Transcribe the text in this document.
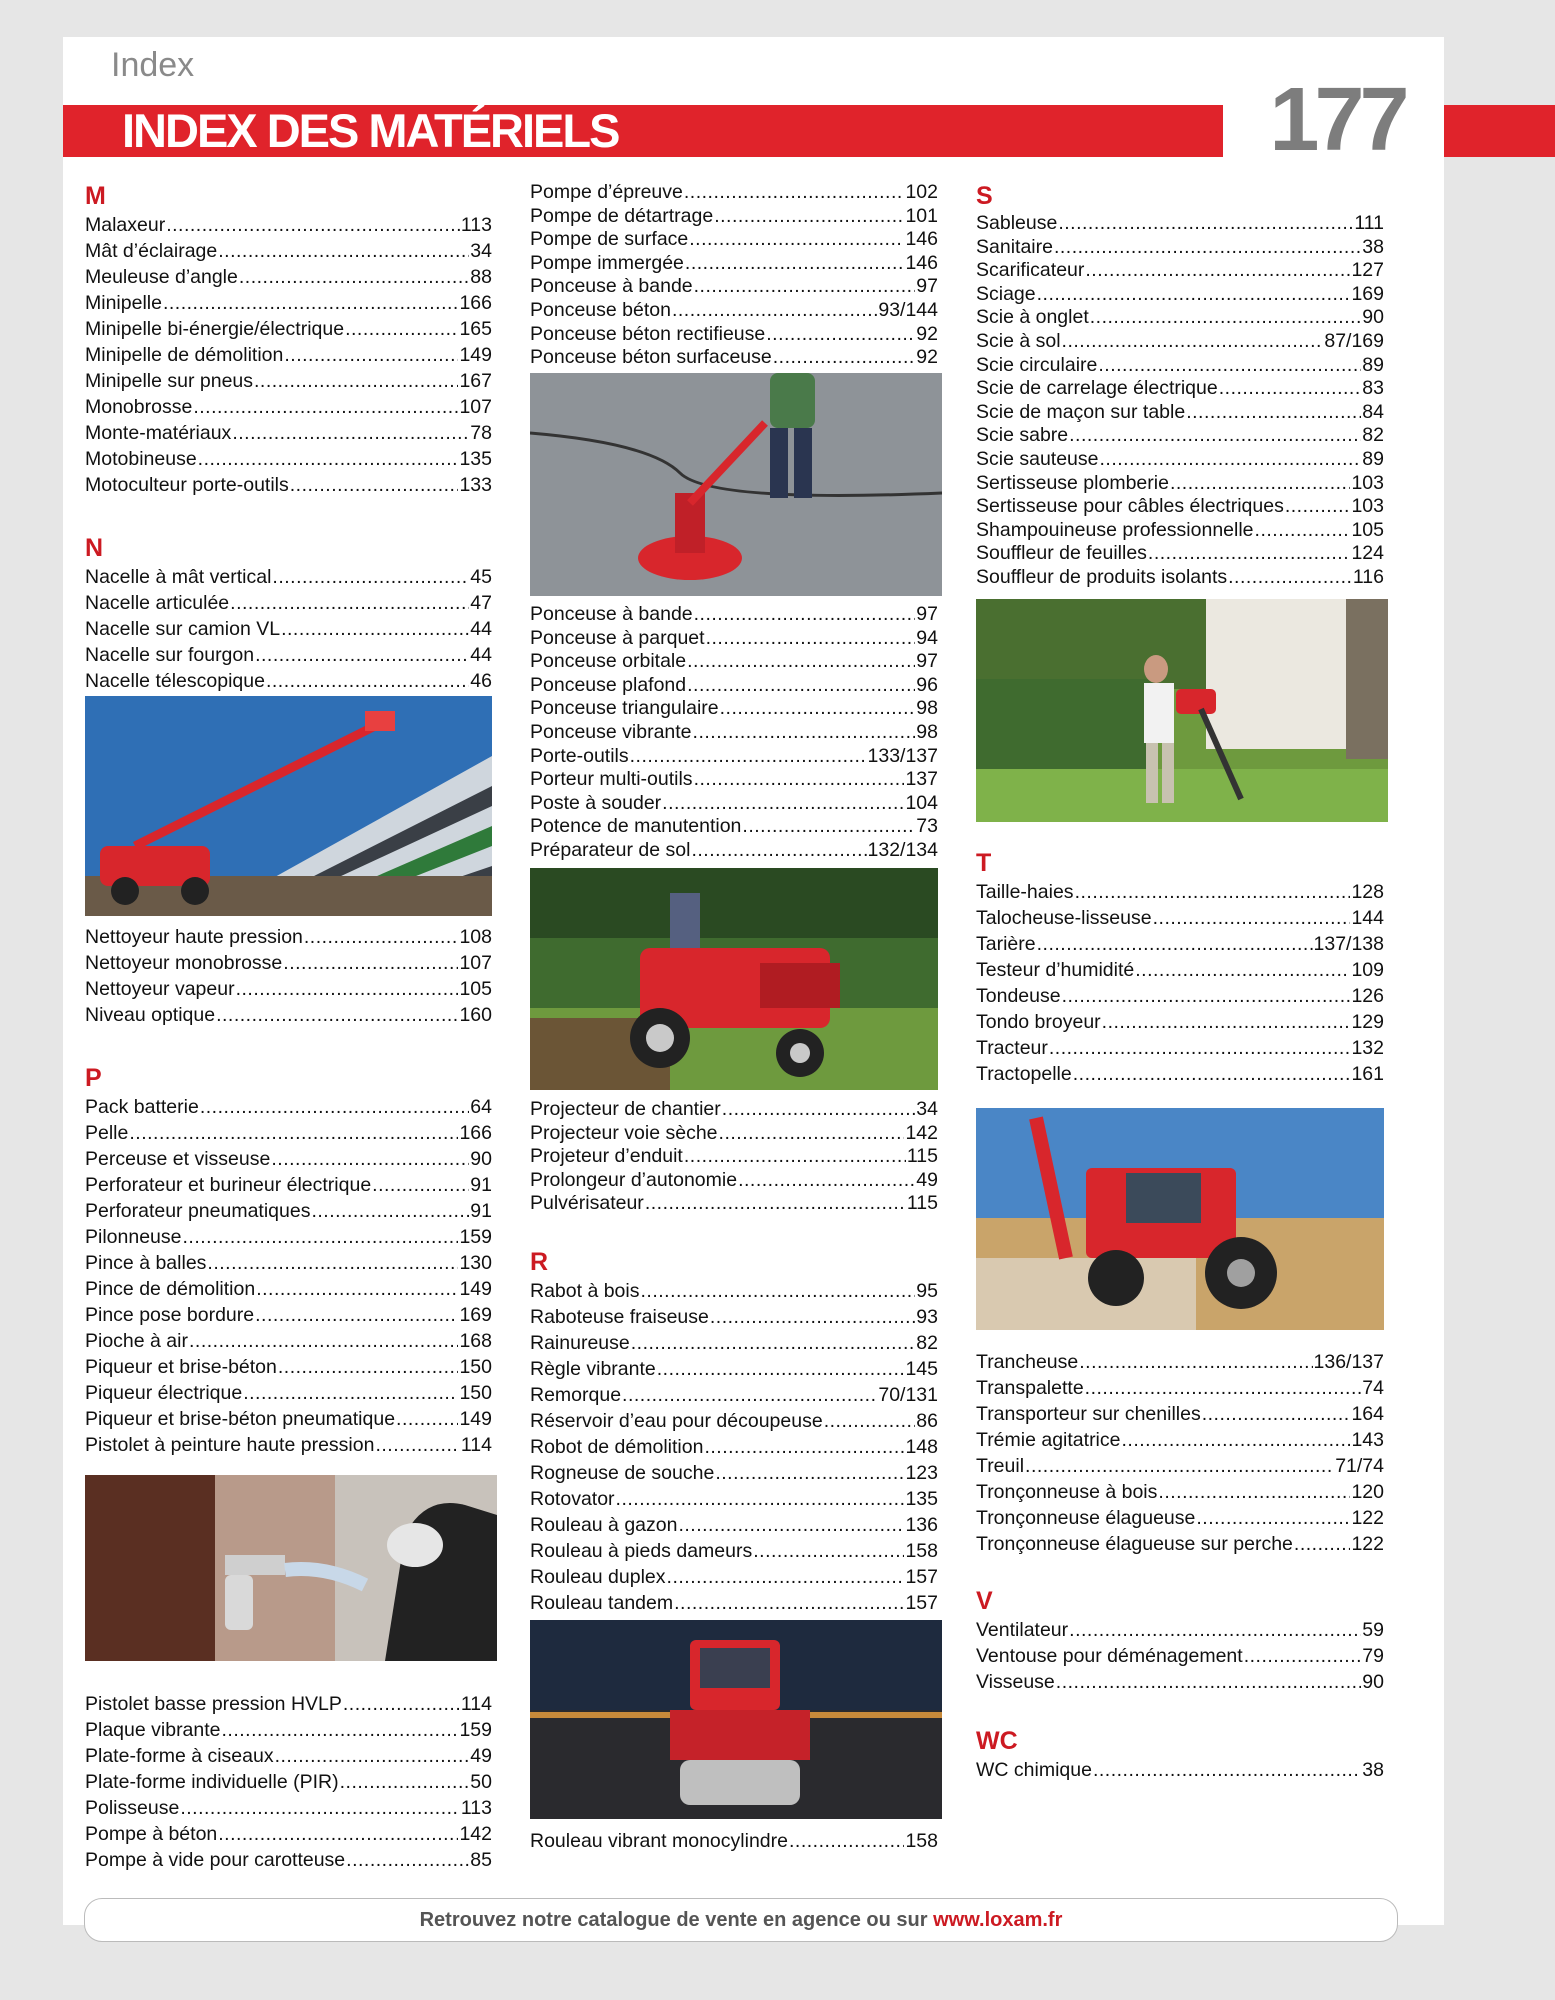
Index
INDEX DES MATÉRIELS	177
M
Malaxeur .....	113
Mât d’éclairage .....	34
Meuleuse d’angle .....	88
Minipelle .....	166
Minipelle bi-énergie/électrique .....	165
Minipelle de démolition .....	149
Minipelle sur pneus .....	167
Monobrosse .....	107
Monte-matériaux .....	78
Motobineuse .....	135
Motoculteur porte-outils .....	133
N
Nacelle à mât vertical .....	45
Nacelle articulée .....	47
Nacelle sur camion VL .....	44
Nacelle sur fourgon .....	44
Nacelle télescopique .....	46
Nettoyeur haute pression .....	108
Nettoyeur monobrosse .....	107
Nettoyeur vapeur .....	105
Niveau optique .....	160
P
Pack batterie .....	64
Pelle .....	166
Perceuse et visseuse .....	90
Perforateur et burineur électrique .....	91
Perforateur pneumatiques .....	91
Pilonneuse .....	159
Pince à balles .....	130
Pince de démolition .....	149
Pince pose bordure .....	169
Pioche à air .....	168
Piqueur et brise-béton .....	150
Piqueur électrique .....	150
Piqueur et brise-béton pneumatique .....	149
Pistolet à peinture haute pression .....	114
Pistolet basse pression HVLP .....	114
Plaque vibrante .....	159
Plate-forme à ciseaux .....	49
Plate-forme individuelle (PIR) .....	50
Polisseuse .....	113
Pompe à béton .....	142
Pompe à vide pour carotteuse .....	85
Pompe d’épreuve .....	102
Pompe de détartrage .....	101
Pompe de surface .....	146
Pompe immergée .....	146
Ponceuse à bande .....	97
Ponceuse béton .....	93/144
Ponceuse béton rectifieuse .....	92
Ponceuse béton surfaceuse .....	92
Ponceuse à bande .....	97
Ponceuse à parquet .....	94
Ponceuse orbitale .....	97
Ponceuse plafond .....	96
Ponceuse triangulaire .....	98
Ponceuse vibrante .....	98
Porte-outils .....	133/137
Porteur multi-outils .....	137
Poste à souder .....	104
Potence de manutention .....	73
Préparateur de sol .....	132/134
Projecteur de chantier .....	34
Projecteur voie sèche .....	142
Projeteur d’enduit .....	115
Prolongeur d’autonomie .....	49
Pulvérisateur .....	115
R
Rabot à bois .....	95
Raboteuse fraiseuse .....	93
Rainureuse .....	82
Règle vibrante .....	145
Remorque .....	70/131
Réservoir d’eau pour découpeuse .....	86
Robot de démolition .....	148
Rogneuse de souche .....	123
Rotovator .....	135
Rouleau à gazon .....	136
Rouleau à pieds dameurs .....	158
Rouleau duplex .....	157
Rouleau tandem .....	157
Rouleau vibrant monocylindre .....	158
S
Sableuse .....	111
Sanitaire .....	38
Scarificateur .....	127
Sciage .....	169
Scie à onglet .....	90
Scie à sol .....	87/169
Scie circulaire .....	89
Scie de carrelage électrique .....	83
Scie de maçon sur table .....	84
Scie sabre .....	82
Scie sauteuse .....	89
Sertisseuse plomberie .....	103
Sertisseuse pour câbles électriques .....	103
Shampouineuse professionnelle .....	105
Souffleur de feuilles .....	124
Souffleur de produits isolants .....	116
T
Taille-haies .....	128
Talocheuse-lisseuse .....	144
Tarière .....	137/138
Testeur d’humidité .....	109
Tondeuse .....	126
Tondo broyeur .....	129
Tracteur .....	132
Tractopelle .....	161
Trancheuse .....	136/137
Transpalette .....	74
Transporteur sur chenilles .....	164
Trémie agitatrice .....	143
Treuil .....	71/74
Tronçonneuse à bois .....	120
Tronçonneuse élagueuse .....	122
Tronçonneuse élagueuse sur perche .....	122
V
Ventilateur .....	59
Ventouse pour déménagement .....	79
Visseuse .....	90
WC
WC chimique .....	38
Retrouvez notre catalogue de vente en agence ou sur www.loxam.fr
